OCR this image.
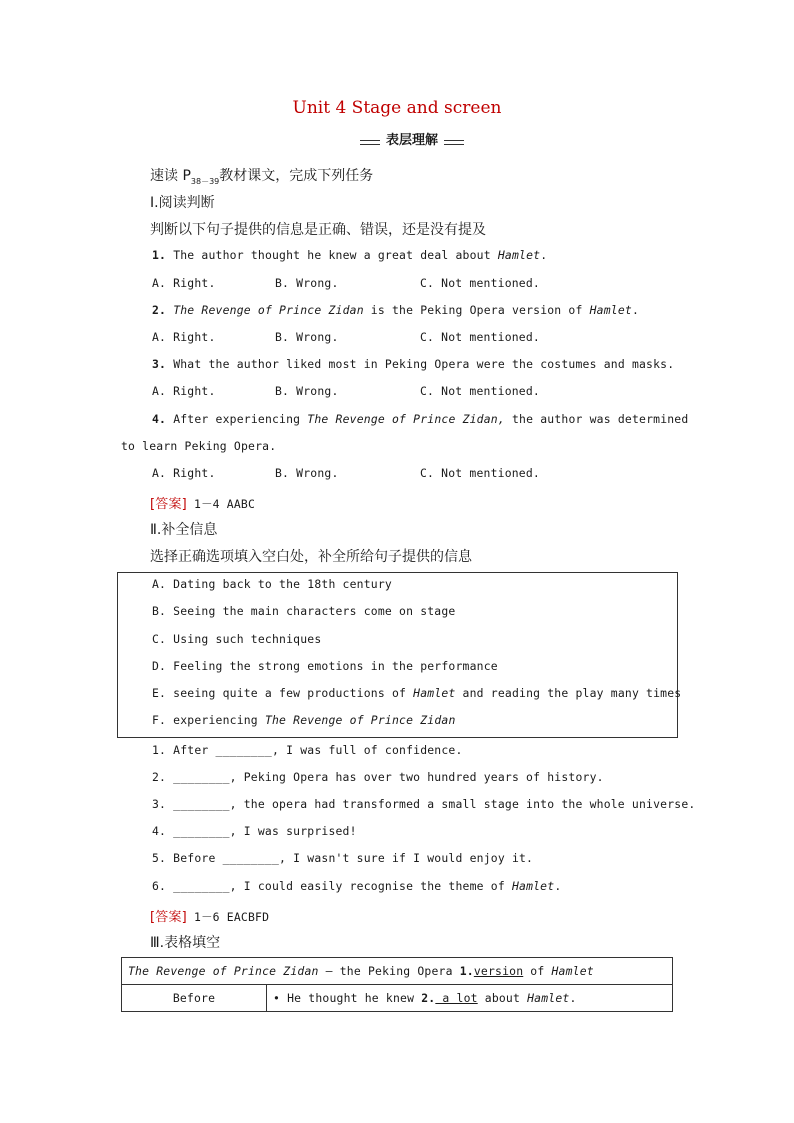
Unit 4 Stage and screen
表层理解
速读 $P_{38-39}$教材课文，完成下列任务
Ⅰ.阅读判断
判断以下句子提供的信息是正确、错误，还是没有提及
1. The author thought he knew a great deal about Hamlet.
A. Right.	B. Wrong.	C. Not mentioned.
2. The Revenge of Prince Zidan is the Peking Opera version of Hamlet.
A. Right.	B. Wrong.	C. Not mentioned.
3. What the author liked most in Peking Opera were the costumes and masks.
A. Right.	B. Wrong.	C. Not mentioned.
4. After experiencing The Revenge of Prince Zidan, the author was determined
to learn Peking Opera.
A. Right.	B. Wrong.	C. Not mentioned.
[答案] 1－4 AABC
Ⅱ.补全信息
选择正确选项填入空白处，补全所给句子提供的信息
A. Dating back to the 18th century
B. Seeing the main characters come on stage
C. Using such techniques
D. Feeling the strong emotions in the performance
E. seeing quite a few productions of Hamlet and reading the play many times
F. experiencing The Revenge of Prince Zidan
1. After ________, I was full of confidence.
2. ________, Peking Opera has over two hundred years of history.
3. ________, the opera had transformed a small stage into the whole universe.
4. ________, I was surprised!
5. Before ________, I wasn't sure if I would enjoy it.
6. ________, I could easily recognise the theme of Hamlet.
[答案] 1－6 EACBFD
Ⅲ.表格填空
The Revenge of Prince Zidan — the Peking Opera 1.version of Hamlet
Before	• He thought he knew 2. a lot about Hamlet.
